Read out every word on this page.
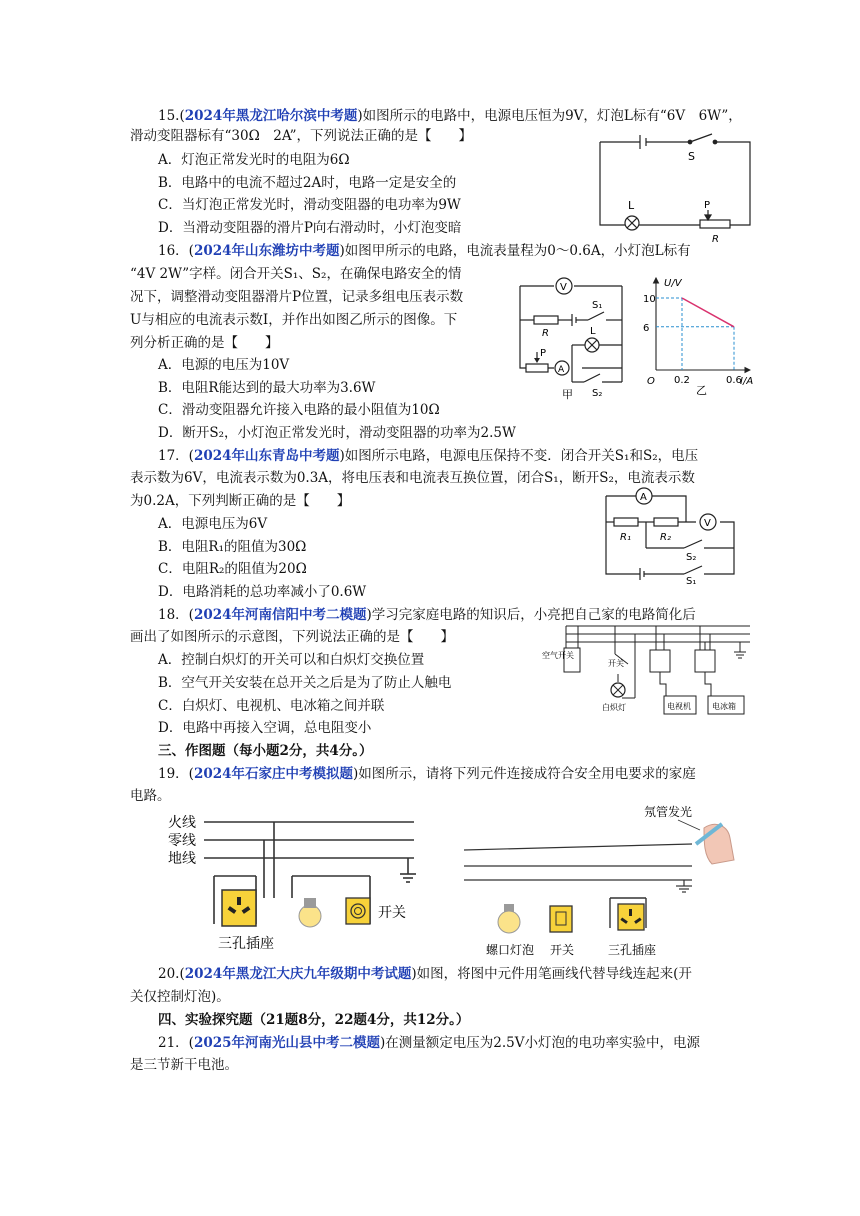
15.(2024年黑龙江哈尔滨中考题)如图所示的电路中，电源电压恒为9V，灯泡L标有“6V　6W”，
滑动变阻器标有“30Ω　2A”，下列说法正确的是【　　】
A．灯泡正常发光时的电阻为6Ω
B．电路中的电流不超过2A时，电路一定是安全的
C．当灯泡正常发光时，滑动变阻器的电功率为9W
D．当滑动变阻器的滑片P向右滑动时，小灯泡变暗
S
L	P
R
16．(2024年山东潍坊中考题)如图甲所示的电路，电流表量程为0～0.6A，小灯泡L标有
“4V 2W”字样。闭合开关S₁、S₂，在确保电路安全的情
况下，调整滑动变阻器滑片P位置，记录多组电压表示数
U与相应的电流表示数I，并作出如图乙所示的图像。下
列分析正确的是【　　】
A．电源的电压为10V
B．电阻R能达到的最大功率为3.6W
C．滑动变阻器允许接入电路的最小阻值为10Ω
D．断开S₂，小灯泡正常发光时，滑动变阻器的功率为2.5W
V
S₁
R	L
P
A
S₂
甲
0.2	0.6
6
10
U/V
I/A
O
乙
17．(2024年山东青岛中考题)如图所示电路，电源电压保持不变．闭合开关S₁和S₂，电压
表示数为6V，电流表示数为0.3A，将电压表和电流表互换位置，闭合S₁，断开S₂，电流表示数
为0.2A，下列判断正确的是【　　】
A．电源电压为6V
B．电阻R₁的阻值为30Ω
C．电阻R₂的阻值为20Ω
D．电路消耗的总功率减小了0.6W
A
V
R₁	R₂
S₂
S₁
18．(2024年河南信阳中考二模题)学习完家庭电路的知识后，小亮把自己家的电路简化后
画出了如图所示的示意图，下列说法正确的是【　　】
A．控制白炽灯的开关可以和白炽灯交换位置
B．空气开关安装在总开关之后是为了防止人触电
C．白炽灯、电视机、电冰箱之间并联
D．电路中再接入空调，总电阻变小
空气开关
开关
白炽灯	电视机	电冰箱
三、作图题（每小题2分，共4分。）
19．(2024年石家庄中考模拟题)如图所示，请将下列元件连接成符合安全用电要求的家庭
电路。
火线
零线
地线
三孔插座
开关
氖管发光
螺口灯泡 开关	三孔插座
20.(2024年黑龙江大庆九年级期中考试题)如图，将图中元件用笔画线代替导线连起来(开
关仅控制灯泡)。
四、实验探究题（21题8分，22题4分，共12分。）
21．(2025年河南光山县中考二模题)在测量额定电压为2.5V小灯泡的电功率实验中，电源
是三节新干电池。
